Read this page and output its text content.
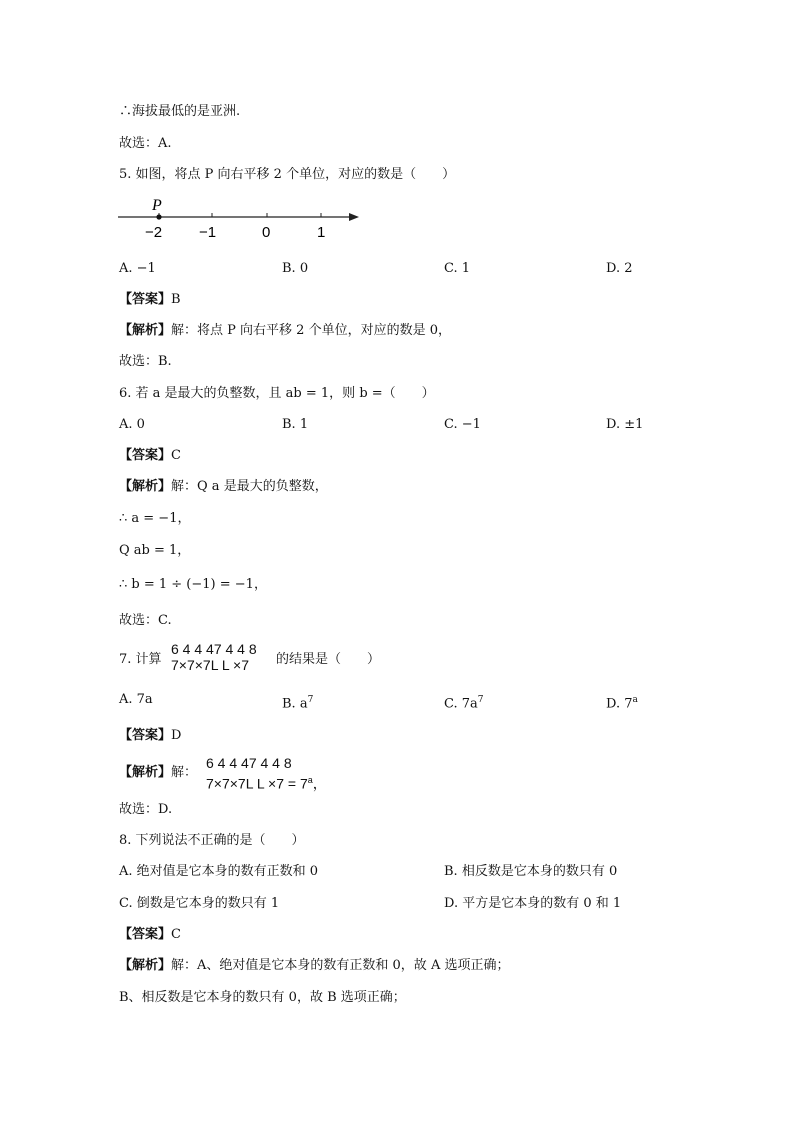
∴海拔最低的是亚洲.
故选：A.
5. 如图，将点 P 向右平移 2 个单位，对应的数是（　　）
P
−2 −1	0	1
A. −1	B. 0	C. 1	D. 2
【答案】B
【解析】解：将点 P 向右平移 2 个单位，对应的数是 0，
故选：B.
6. 若 a 是最大的负整数，且 ab = 1，则 b =（　　）
A. 0	B. 1	C. −1	D. ±1
【答案】C
【解析】解：Q a 是最大的负整数，
∴ a = −1，
Q ab = 1，
∴ b = 1 ÷ (−1) = −1，
故选：C.
7. 计算
6 4 4 47 4 4 8
7×7×7L L ×7 的结果是（　　）
A. 7a	B. $a^7$	C. $7a^7$	D. 7$^a$
【答案】D
【解析】解：
6 4 4 47 4 4 8
7×7×7L $L \times 7 = 7^a$，
故选：D.
8. 下列说法不正确的是（　　）
A. 绝对值是它本身的数有正数和 0	B. 相反数是它本身的数只有 0
C. 倒数是它本身的数只有 1	D. 平方是它本身的数有 0 和 1
【答案】C
【解析】解：A、绝对值是它本身的数有正数和 0，故 A 选项正确；
B、相反数是它本身的数只有 0，故 B 选项正确；
